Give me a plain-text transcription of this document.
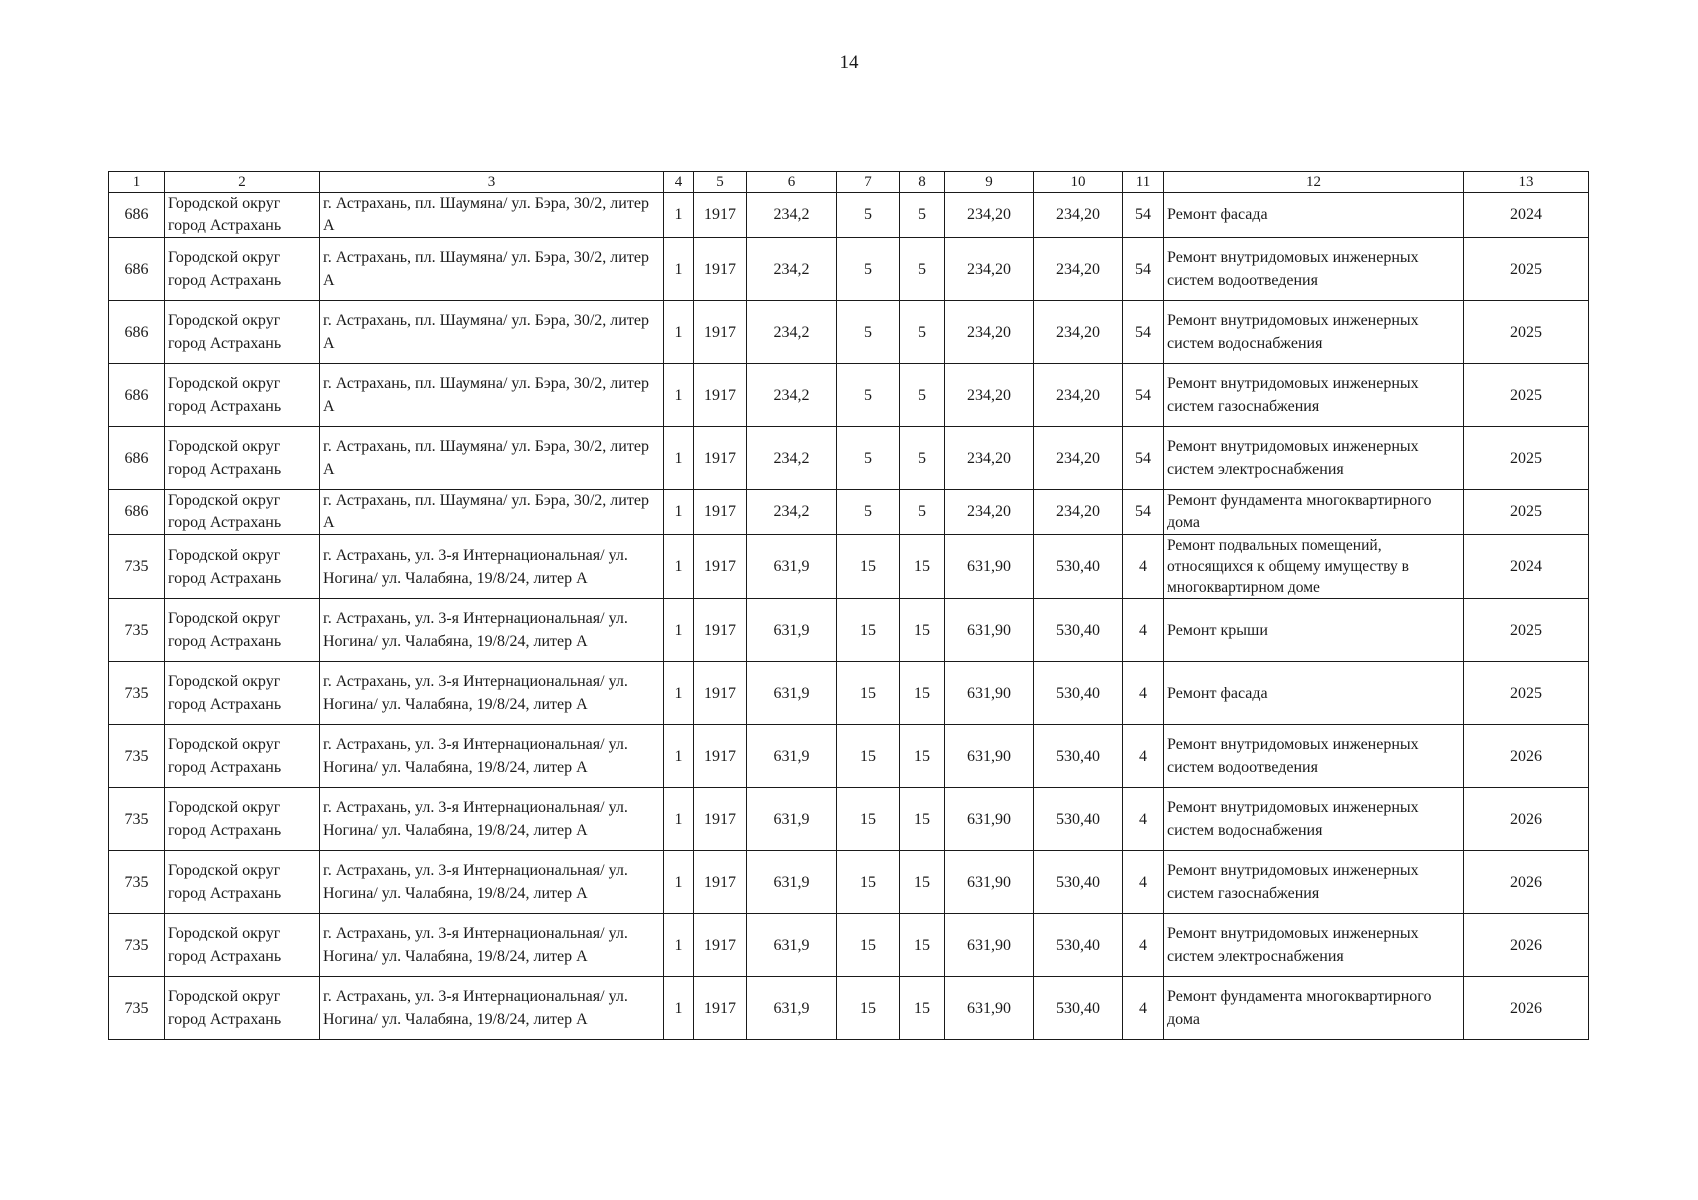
14
1	2	3	4	5	6	7	8	9	10	11	12	13
686	Городской округ город Астрахань	г. Астрахань, пл. Шаумяна/ ул. Бэра, 30/2, литер А	1	1917	234,2	5	5	234,20	234,20	54	Ремонт фасада	2024
686	Городской округ город Астрахань	г. Астрахань, пл. Шаумяна/ ул. Бэра, 30/2, литер А	1	1917	234,2	5	5	234,20	234,20	54	Ремонт внутридомовых инженерных систем водоотведения	2025
686	Городской округ город Астрахань	г. Астрахань, пл. Шаумяна/ ул. Бэра, 30/2, литер А	1	1917	234,2	5	5	234,20	234,20	54	Ремонт внутридомовых инженерных систем водоснабжения	2025
686	Городской округ город Астрахань	г. Астрахань, пл. Шаумяна/ ул. Бэра, 30/2, литер А	1	1917	234,2	5	5	234,20	234,20	54	Ремонт внутридомовых инженерных систем газоснабжения	2025
686	Городской округ город Астрахань	г. Астрахань, пл. Шаумяна/ ул. Бэра, 30/2, литер А	1	1917	234,2	5	5	234,20	234,20	54	Ремонт внутридомовых инженерных систем электроснабжения	2025
686	Городской округ город Астрахань	г. Астрахань, пл. Шаумяна/ ул. Бэра, 30/2, литер А	1	1917	234,2	5	5	234,20	234,20	54	Ремонт фундамента многоквартирного дома	2025
735	Городской округ город Астрахань	г. Астрахань, ул. 3-я Интернациональная/ ул. Ногина/ ул. Чалабяна, 19/8/24, литер А	1	1917	631,9	15	15	631,90	530,40	4	Ремонт подвальных помещений, относящихся к общему имуществу в многоквартирном доме	2024
735	Городской округ город Астрахань	г. Астрахань, ул. 3-я Интернациональная/ ул. Ногина/ ул. Чалабяна, 19/8/24, литер А	1	1917	631,9	15	15	631,90	530,40	4	Ремонт крыши	2025
735	Городской округ город Астрахань	г. Астрахань, ул. 3-я Интернациональная/ ул. Ногина/ ул. Чалабяна, 19/8/24, литер А	1	1917	631,9	15	15	631,90	530,40	4	Ремонт фасада	2025
735	Городской округ город Астрахань	г. Астрахань, ул. 3-я Интернациональная/ ул. Ногина/ ул. Чалабяна, 19/8/24, литер А	1	1917	631,9	15	15	631,90	530,40	4	Ремонт внутридомовых инженерных систем водоотведения	2026
735	Городской округ город Астрахань	г. Астрахань, ул. 3-я Интернациональная/ ул. Ногина/ ул. Чалабяна, 19/8/24, литер А	1	1917	631,9	15	15	631,90	530,40	4	Ремонт внутридомовых инженерных систем водоснабжения	2026
735	Городской округ город Астрахань	г. Астрахань, ул. 3-я Интернациональная/ ул. Ногина/ ул. Чалабяна, 19/8/24, литер А	1	1917	631,9	15	15	631,90	530,40	4	Ремонт внутридомовых инженерных систем газоснабжения	2026
735	Городской округ город Астрахань	г. Астрахань, ул. 3-я Интернациональная/ ул. Ногина/ ул. Чалабяна, 19/8/24, литер А	1	1917	631,9	15	15	631,90	530,40	4	Ремонт внутридомовых инженерных систем электроснабжения	2026
735	Городской округ город Астрахань	г. Астрахань, ул. 3-я Интернациональная/ ул. Ногина/ ул. Чалабяна, 19/8/24, литер А	1	1917	631,9	15	15	631,90	530,40	4	Ремонт фундамента многоквартирного дома	2026
